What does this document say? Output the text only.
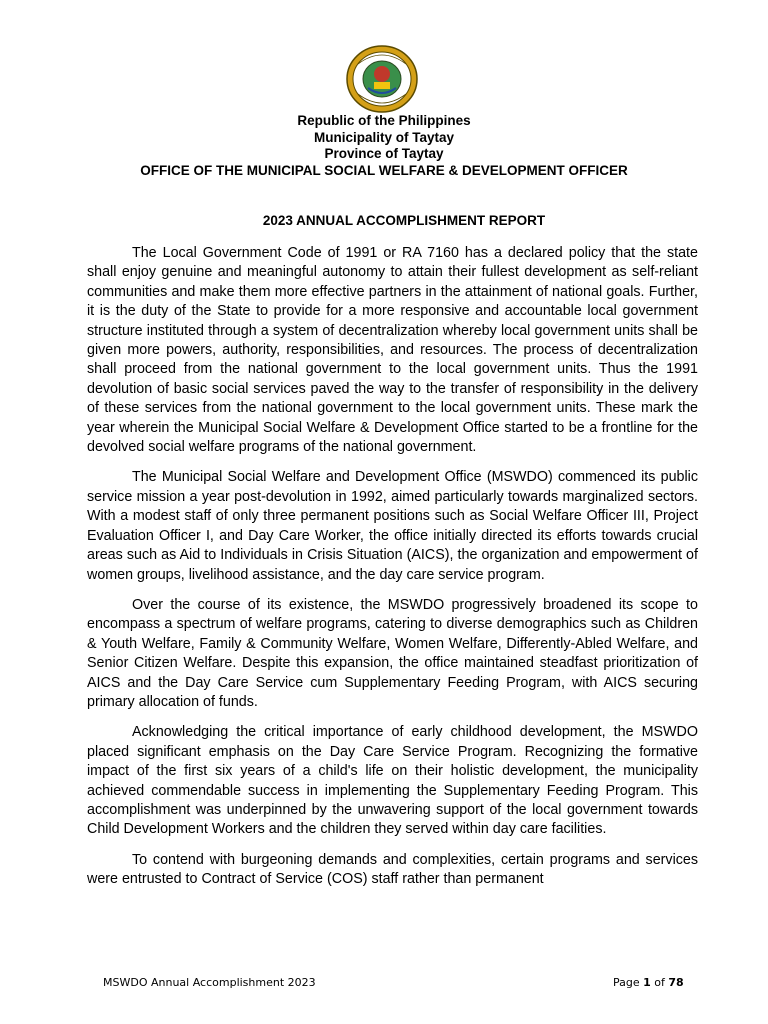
Republic of the Philippines
Municipality of Taytay
Province of Taytay
OFFICE OF THE MUNICIPAL SOCIAL WELFARE & DEVELOPMENT OFFICER
2023 ANNUAL ACCOMPLISHMENT REPORT

The Local Government Code of 1991 or RA 7160 has a declared policy that the state shall enjoy genuine and meaningful autonomy to attain their fullest development as self-reliant communities and make them more effective partners in the attainment of national goals. Further, it is the duty of the State to provide for a more responsive and accountable local government structure instituted through a system of decentralization whereby local government units shall be given more powers, authority, responsibilities, and resources. The process of decentralization shall proceed from the national government to the local government units. Thus the 1991 devolution of basic social services paved the way to the transfer of responsibility in the delivery of these services from the national government to the local government units. These mark the year wherein the Municipal Social Welfare & Development Office started to be a frontline for the devolved social welfare programs of the national government.

The Municipal Social Welfare and Development Office (MSWDO) commenced its public service mission a year post-devolution in 1992, aimed particularly towards marginalized sectors. With a modest staff of only three permanent positions such as Social Welfare Officer III, Project Evaluation Officer I, and Day Care Worker, the office initially directed its efforts towards crucial areas such as Aid to Individuals in Crisis Situation (AICS), the organization and empowerment of women groups, livelihood assistance, and the day care service program.

Over the course of its existence, the MSWDO progressively broadened its scope to encompass a spectrum of welfare programs, catering to diverse demographics such as Children & Youth Welfare, Family & Community Welfare, Women Welfare, Differently-Abled Welfare, and Senior Citizen Welfare. Despite this expansion, the office maintained steadfast prioritization of AICS and the Day Care Service cum Supplementary Feeding Program, with AICS securing primary allocation of funds.

Acknowledging the critical importance of early childhood development, the MSWDO placed significant emphasis on the Day Care Service Program. Recognizing the formative impact of the first six years of a child's life on their holistic development, the municipality achieved commendable success in implementing the Supplementary Feeding Program. This accomplishment was underpinned by the unwavering support of the local government towards Child Development Workers and the children they served within day care facilities.

To contend with burgeoning demands and complexities, certain programs and services were entrusted to Contract of Service (COS) staff rather than permanent

MSWDO Annual Accomplishment 2023	Page 1 of 78
